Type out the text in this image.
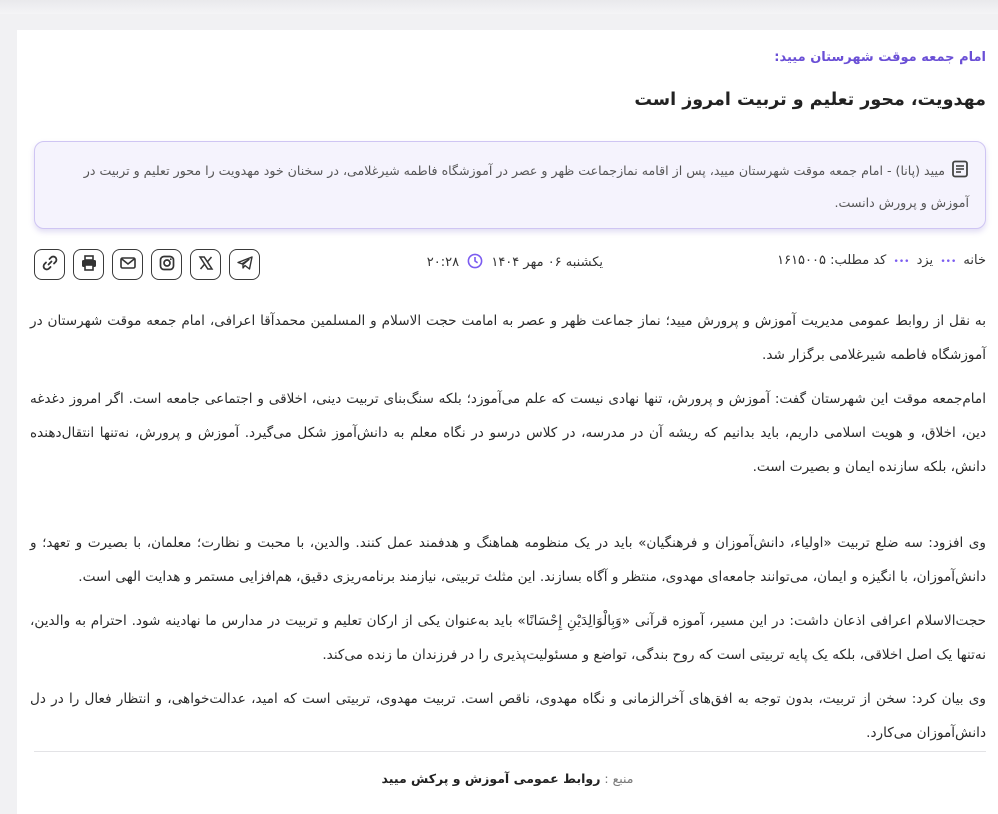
امام جمعه موقت شهرستان میید:
مهدویت، محور تعلیم و تربیت امروز است
میید (پانا) - امام جمعه موقت شهرستان میید، پس از اقامه نمازجماعت ظهر و عصر در آموزشگاه فاطمه شیرغلامی، در سخنان خود مهدویت را محور تعلیم و تربیت در آموزش و پرورش دانست.
خانه ••• یزد ••• کد مطلب: ۱۶۱۵۰۰۵
یکشنبه ۰۶ مهر ۱۴۰۴  ۲۰:۲۸

به نقل از روابط عمومی مدیریت آموزش و پرورش میید؛ نماز جماعت ظهر و عصر به امامت حجت الاسلام و المسلمین محمدآقا اعرافی، امام جمعه موقت شهرستان در آموزشگاه فاطمه شیرغلامی برگزار شد.

امام‌جمعه موقت این شهرستان گفت: آموزش و پرورش، تنها نهادی نیست که علم می‌آموزد؛ بلکه سنگ‌بنای تربیت دینی، اخلاقی و اجتماعی جامعه است. اگر امروز دغدغه دین، اخلاق، و هویت اسلامی داریم، باید بدانیم که ریشه آن در مدرسه، در کلاس درسو در نگاه معلم به دانش‌آموز شکل می‌گیرد. آموزش و پرورش، نه‌تنها انتقال‌دهنده دانش، بلکه سازنده ایمان و بصیرت است.

وی افزود: سه ضلع تربیت «اولیاء، دانش‌آموزان و فرهنگیان» باید در یک منظومه هماهنگ و هدفمند عمل کنند. والدین، با محبت و نظارت؛ معلمان، با بصیرت و تعهد؛ و دانش‌آموزان، با انگیزه و ایمان، می‌توانند جامعه‌ای مهدوی، منتظر و آگاه بسازند. این مثلث تربیتی، نیازمند برنامه‌ریزی دقیق، هم‌افزایی مستمر و هدایت الهی است.

حجت‌الاسلام اعرافی اذعان داشت: در این مسیر، آموزه قرآنی «وَبِالْوَالِدَيْنِ إِحْسَانًا» باید به‌عنوان یکی از ارکان تعلیم و تربیت در مدارس ما نهادینه شود. احترام به والدین، نه‌تنها یک اصل اخلاقی، بلکه یک پایه تربیتی است که روح بندگی، تواضع و مسئولیت‌پذیری را در فرزندان ما زنده می‌کند.

وی بیان کرد: سخن از تربیت، بدون توجه به افق‌های آخرالزمانی و نگاه مهدوی، ناقص است. تربیت مهدوی، تربیتی است که امید، عدالت‌خواهی، و انتظار فعال را در دل دانش‌آموزان می‌کارد.

منبع : روابط عمومی آموزش و پرکش میید
